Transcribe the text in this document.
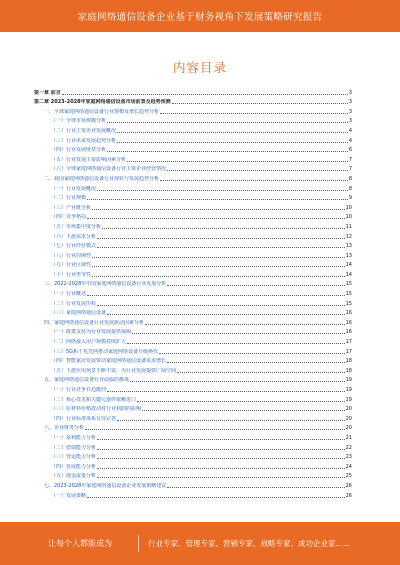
家庭网络通信设备企业基于财务视角下发展策略研究报告
内容目录
第一章 前言	3
第二章 2023-2028年家庭网络通信设备市场前景及趋势预测	3
一、全球家庭网络通信设备行业规模及增长趋势分析	3
（一）全球市场规模分析	3
（二）行业主要企业发展概况	4
（三）行业未来发展趋势分析	4
（四）行业发展壁垒分析	6
（五）行业发展主要影响因素分析	7
（六）全球家庭网络通信设备行业主要企业经营情况	7
二、我国家庭网络通信设备行业现状与发展趋势分析	8
（一）行业发展概况	8
（二）行业规模	9
（三）产业链分析	10
（四）竞争格局	10
（五）市场集中度分析	11
（六）下游需求分析	12
（七）行业经营模式	13
（八）行业周期性	13
（九）行业区域性	14
（十）行业季节性	14
三、2022-2028年中国家庭网络通信设备行业发展分析	15
（一）行业概述	15
（二）行业发展历程	15
（三）家庭网络通信设备	16
四、家庭网络通信设备行业发展驱动因素分析	16
（一）政策支持为行业发展提供保障	16
（二）网络接入用户规模持续扩大	17
（三）5G和千兆光网推动家庭网络设备升级换代	17
（四）智能家居发展带动家庭网络通信设备需求增长	18
（五）下游应用场景不断丰富，为行业发展提供广阔空间	18
五、家庭网络通信设备行业面临的挑战	19
（一）行业竞争日趋激烈	19
（二）核心技术和关键元器件依赖进口	19
（三）原材料价格波动对行业利润的影响	20
（四）行业标准体系有待完善	20
六、企业财务分析	20
（一）盈利能力分析	21
（二）偿债能力分析	22
（三）营运能力分析	23
（四）发展能力分析	24
（五）现金流量分析	25
七、2023-2028年家庭网络通信设备企业发展策略建议	26
（一）发展策略	26
让每个人都能成为	行业专家、管理专家、营销专家、战略专家、成功企业家……
